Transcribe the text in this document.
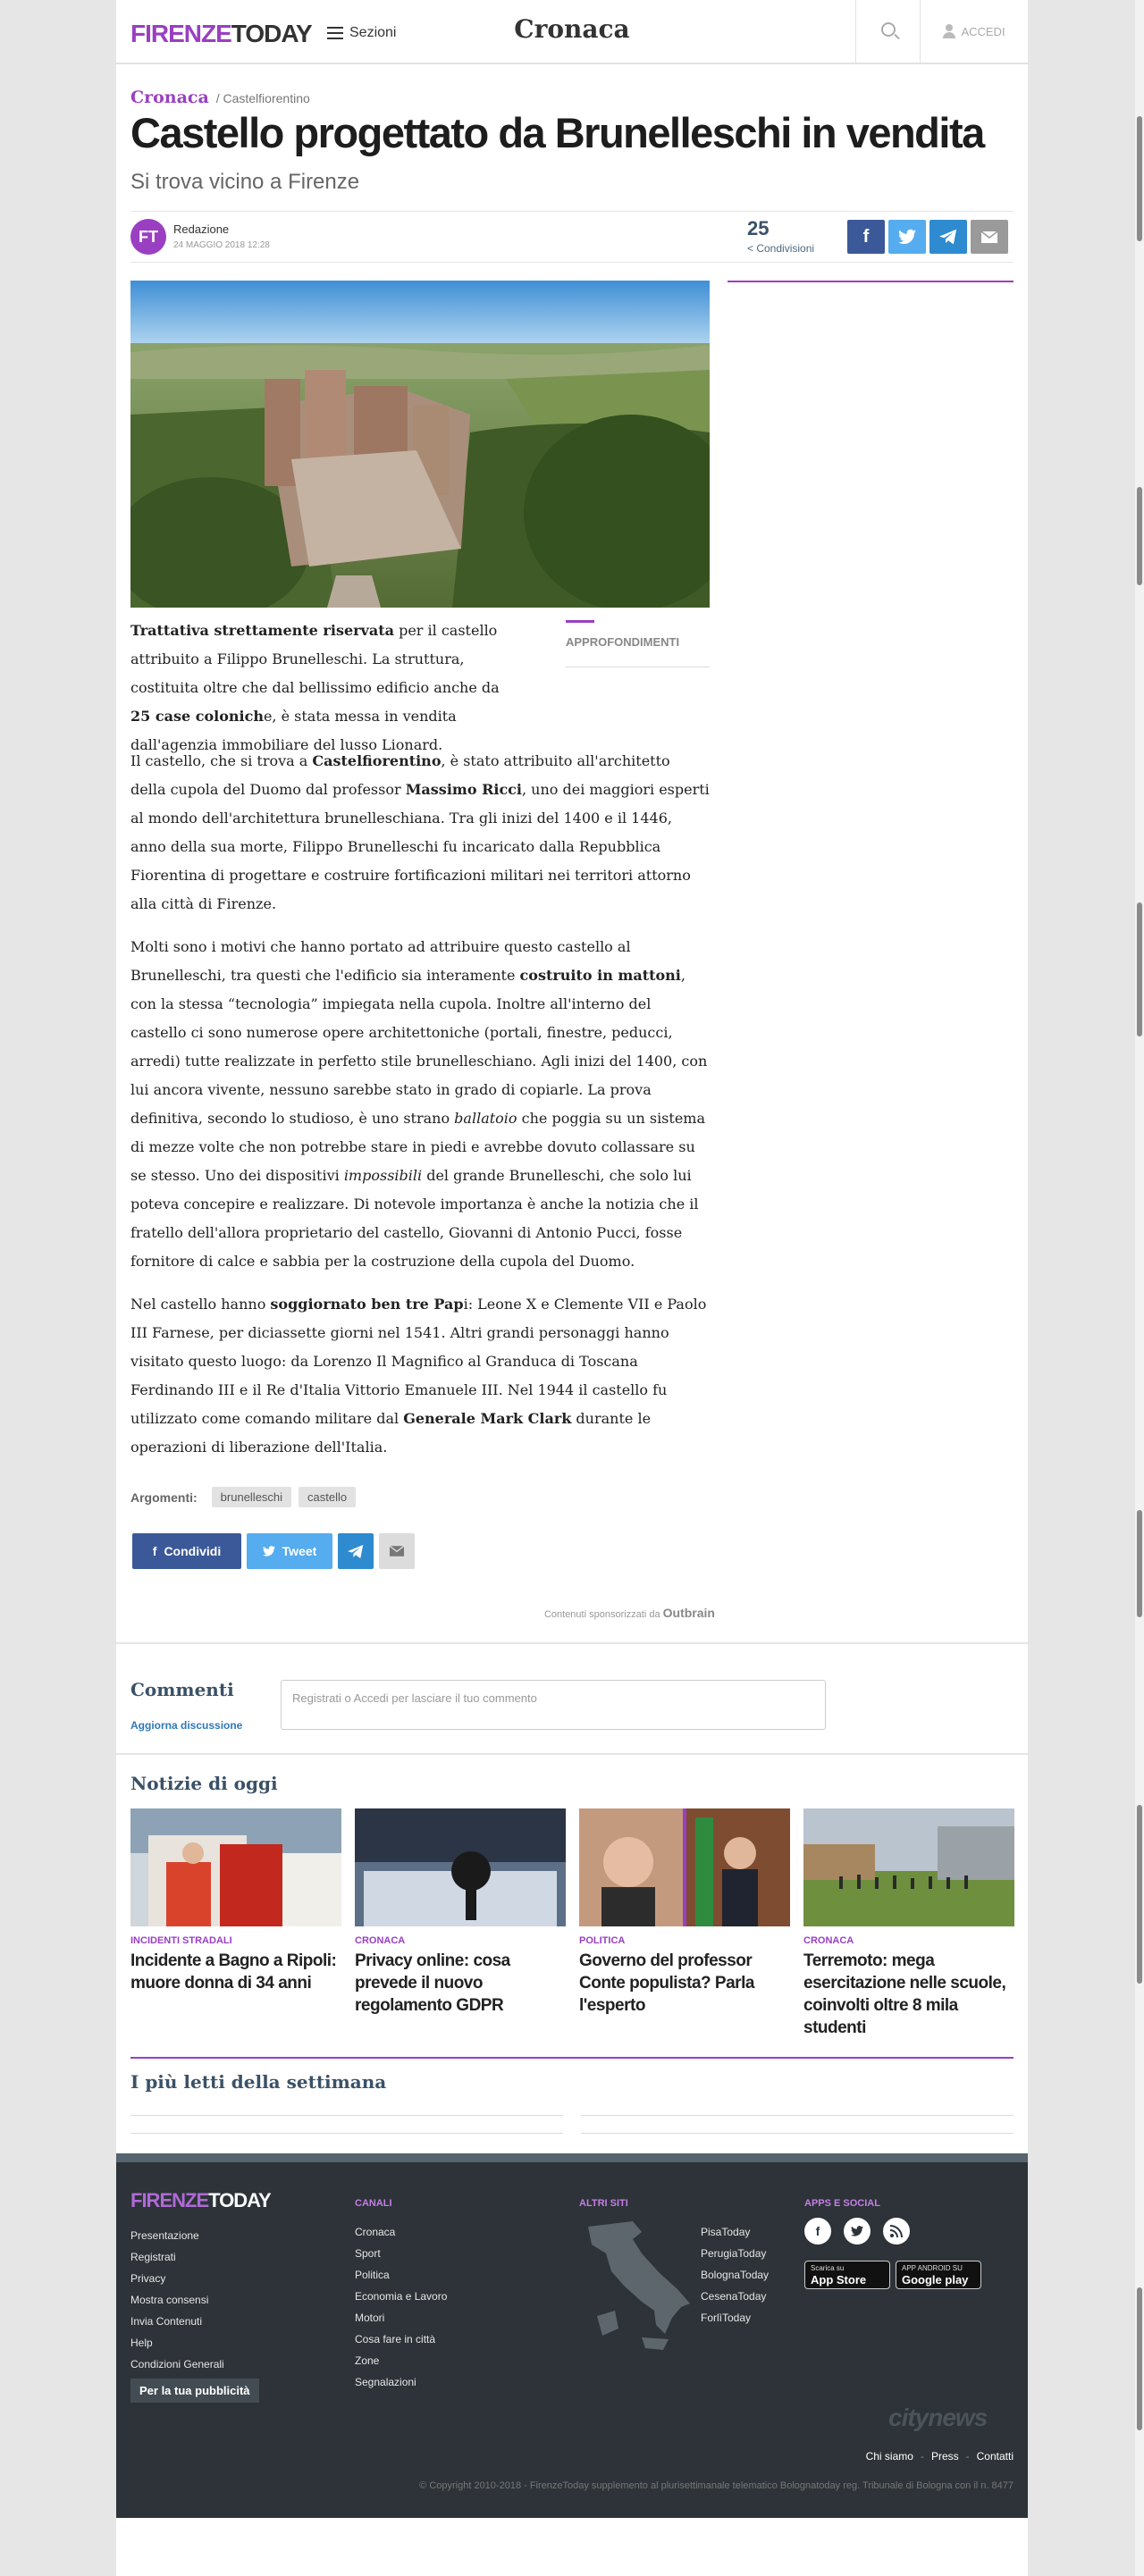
FIRENZETODAY	Sezioni	Cronaca	ACCEDI
Cronaca / Castelfiorentino
Castello progettato da Brunelleschi in vendita
Si trova vicino a Firenze
FT	Redazione
24 MAGGIO 2018 12:28
25
< Condivisioni
f

Trattativa strettamente riservata per il castello attribuito a Filippo Brunelleschi. La struttura, costituita oltre che dal bellissimo edificio anche da 25 case coloniche, è stata messa in vendita dall'agenzia immobiliare del lusso Lionard.

Il castello, che si trova a Castelfiorentino, è stato attribuito all'architetto della cupola del Duomo dal professor Massimo Ricci, uno dei maggiori esperti al mondo dell'architettura brunelleschiana. Tra gli inizi del 1400 e il 1446, anno della sua morte, Filippo Brunelleschi fu incaricato dalla Repubblica Fiorentina di progettare e costruire fortificazioni militari nei territori attorno alla città di Firenze.

Molti sono i motivi che hanno portato ad attribuire questo castello al Brunelleschi, tra questi che l'edificio sia interamente costruito in mattoni, con la stessa “tecnologia” impiegata nella cupola. Inoltre all'interno del castello ci sono numerose opere architettoniche (portali, finestre, peducci, arredi) tutte realizzate in perfetto stile brunelleschiano. Agli inizi del 1400, con lui ancora vivente, nessuno sarebbe stato in grado di copiarle. La prova definitiva, secondo lo studioso, è uno strano ballatoio che poggia su un sistema di mezze volte che non potrebbe stare in piedi e avrebbe dovuto collassare su se stesso. Uno dei dispositivi impossibili del grande Brunelleschi, che solo lui poteva concepire e realizzare. Di notevole importanza è anche la notizia che il fratello dell'allora proprietario del castello, Giovanni di Antonio Pucci, fosse fornitore di calce e sabbia per la costruzione della cupola del Duomo.

Nel castello hanno soggiornato ben tre Papi: Leone X e Clemente VII e Paolo III Farnese, per diciassette giorni nel 1541. Altri grandi personaggi hanno visitato questo luogo: da Lorenzo Il Magnifico al Granduca di Toscana Ferdinando III e il Re d'Italia Vittorio Emanuele III. Nel 1944 il castello fu utilizzato come comando militare dal Generale Mark Clark durante le operazioni di liberazione dell'Italia.

APPROFONDIMENTI
Argomenti:	brunelleschi	castello
f Condividi	Tweet
Contenuti sponsorizzati da Outbrain
Commenti
Aggiorna discussione
Registrati o Accedi per lasciare il tuo commento
Notizie di oggi
INCIDENTI STRADALI
Incidente a Bagno a Ripoli: muore donna di 34 anni
CRONACA
Privacy online: cosa prevede il nuovo regolamento GDPR
POLITICA
Governo del professor Conte populista? Parla l'esperto
CRONACA
Terremoto: mega esercitazione nelle scuole, coinvolti oltre 8 mila studenti
I più letti della settimana
FIRENZETODAY
Presentazione
Registrati
Privacy
Mostra consensi
Invia Contenuti
Help
Condizioni Generali
Per la tua pubblicità
CANALI
Cronaca
Sport
Politica
Economia e Lavoro
Motori
Cosa fare in città
Zone
Segnalazioni
ALTRI SITI
PisaToday
PerugiaToday
BolognaToday
CesenaToday
ForlìToday
APPS E SOCIAL
f
Scarica su
App Store
APP ANDROID SU
Google play
citynews
Chi siamo - Press - Contatti
© Copyright 2010-2018 - FirenzeToday supplemento al plurisettimanale telematico Bolognatoday reg. Tribunale di Bologna con il n. 8477
